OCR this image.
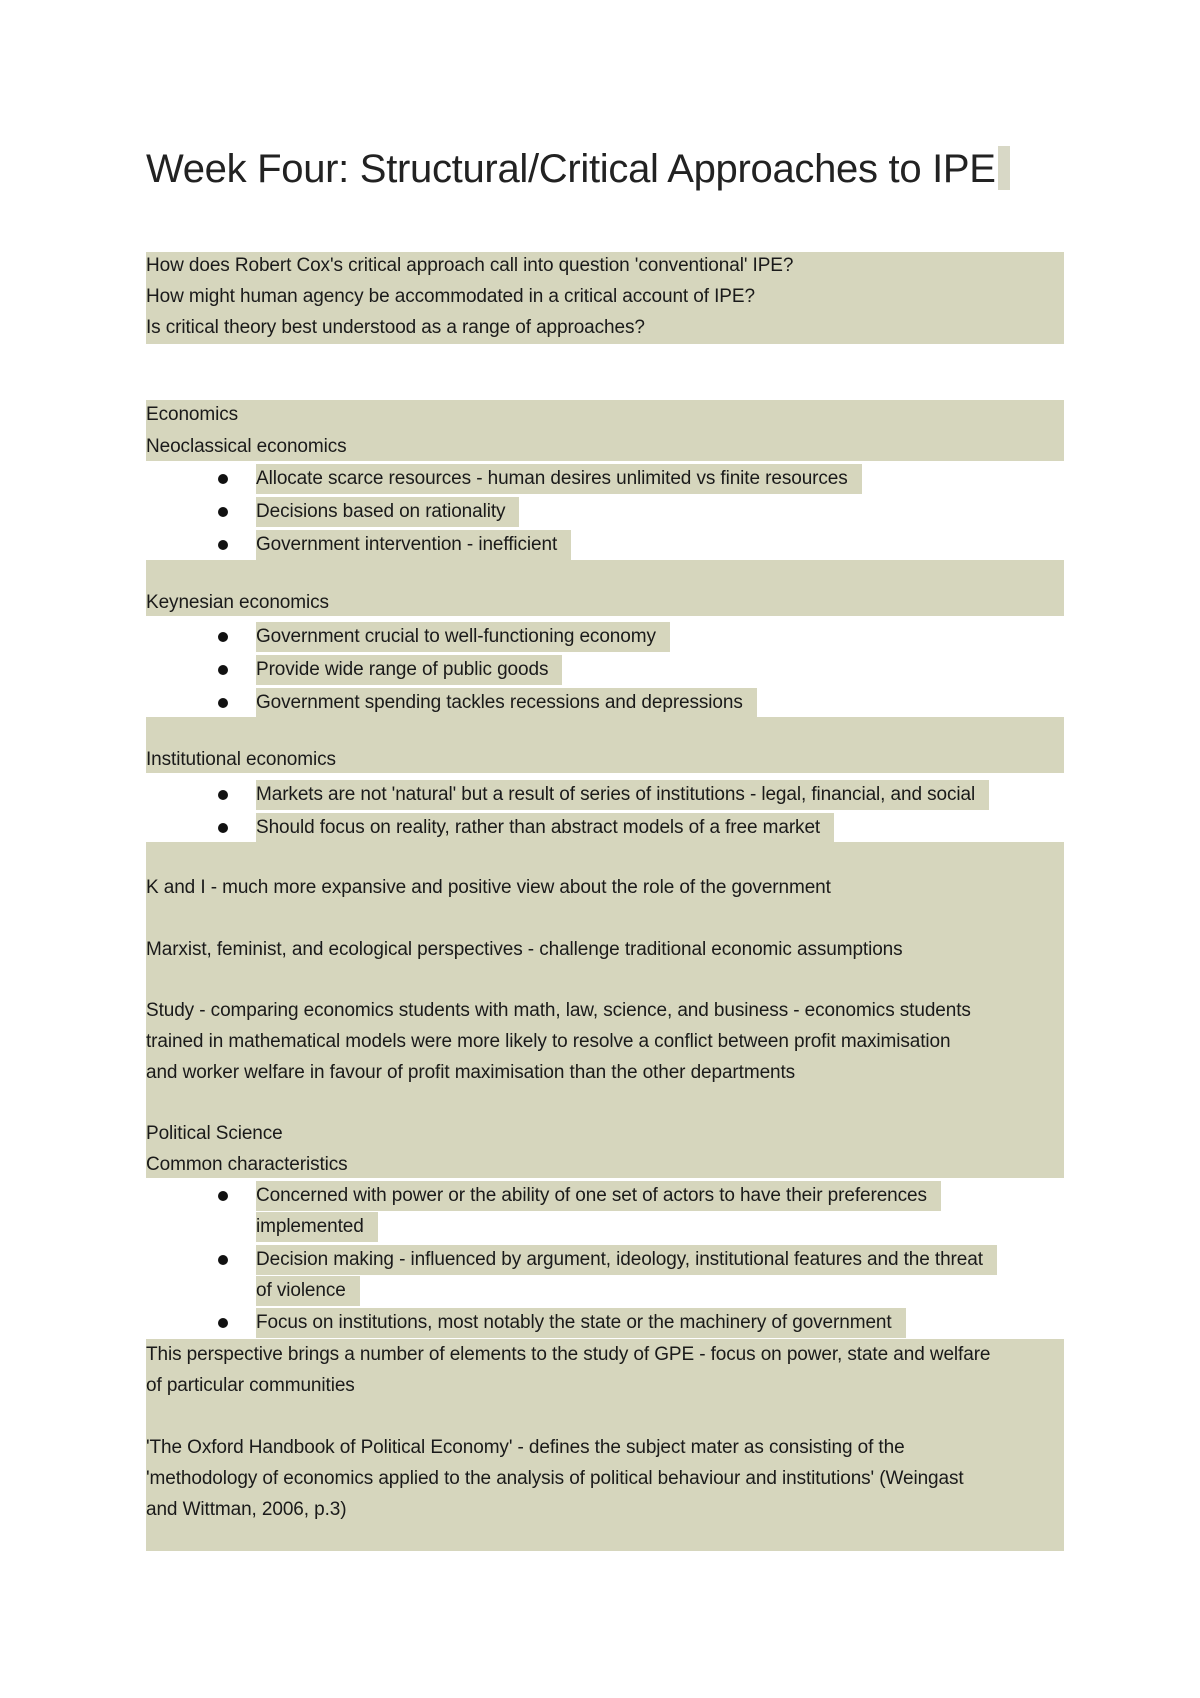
Week Four: Structural/Critical Approaches to IPE
How does Robert Cox's critical approach call into question 'conventional' IPE?
How might human agency be accommodated in a critical account of IPE?
Is critical theory best understood as a range of approaches?
Economics
Neoclassical economics
Allocate scarce resources - human desires unlimited vs finite resources
Decisions based on rationality
Government intervention - inefficient
Keynesian economics
Government crucial to well-functioning economy
Provide wide range of public goods
Government spending tackles recessions and depressions
Institutional economics
Markets are not 'natural' but a result of series of institutions - legal, financial, and social
Should focus on reality, rather than abstract models of a free market
K and I - much more expansive and positive view about the role of the government
Marxist, feminist, and ecological perspectives - challenge traditional economic assumptions
Study - comparing economics students with math, law, science, and business - economics students
trained in mathematical models were more likely to resolve a conflict between profit maximisation
and worker welfare in favour of profit maximisation than the other departments
Political Science
Common characteristics
Concerned with power or the ability of one set of actors to have their preferences
implemented
Decision making - influenced by argument, ideology, institutional features and the threat
of violence
Focus on institutions, most notably the state or the machinery of government
This perspective brings a number of elements to the study of GPE - focus on power, state and welfare
of particular communities
'The Oxford Handbook of Political Economy' - defines the subject mater as consisting of the
'methodology of economics applied to the analysis of political behaviour and institutions' (Weingast
and Wittman, 2006, p.3)
